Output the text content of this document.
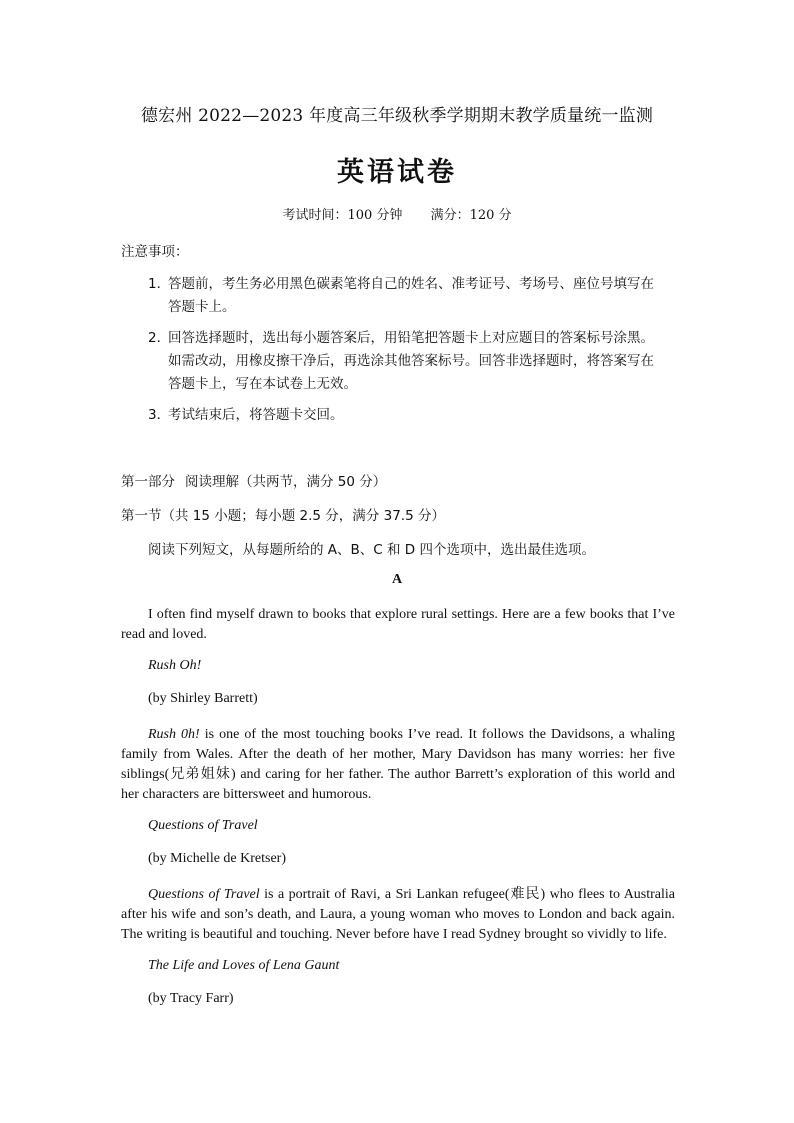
德宏州 2022—2023 年度高三年级秋季学期期末教学质量统一监测
英语试卷
考试时间：100 分钟 满分：120 分
注意事项：
1．答题前，考生务必用黑色碳素笔将自己的姓名、准考证号、考场号、座位号填写在
答题卡上。
2．回答选择题时，选出每小题答案后，用铅笔把答题卡上对应题目的答案标号涂黑。
如需改动，用橡皮擦干净后，再选涂其他答案标号。回答非选择题时，将答案写在
答题卡上，写在本试卷上无效。
3．考试结束后，将答题卡交回。
第一部分 阅读理解（共两节，满分 50 分）
第一节（共 15 小题；每小题 2.5 分，满分 37.5 分）
阅读下列短文，从每题所给的 A、B、C 和 D 四个选项中，选出最佳选项。
A
I often find myself drawn to books that explore rural settings. Here are a few books that I’ve read and loved.
Rush Oh!
(by Shirley Barrett)
Rush 0h! is one of the most touching books I’ve read. It follows the Davidsons, a whaling family from Wales. After the death of her mother, Mary Davidson has many worries: her five siblings(兄弟姐妹) and caring for her father. The author Barrett’s exploration of this world and her characters are bittersweet and humorous.
Questions of Travel
(by Michelle de Kretser)
Questions of Travel is a portrait of Ravi, a Sri Lankan refugee(难民) who flees to Australia after his wife and son’s death, and Laura, a young woman who moves to London and back again. The writing is beautiful and touching. Never before have I read Sydney brought so vividly to life.
The Life and Loves of Lena Gaunt
(by Tracy Farr)
